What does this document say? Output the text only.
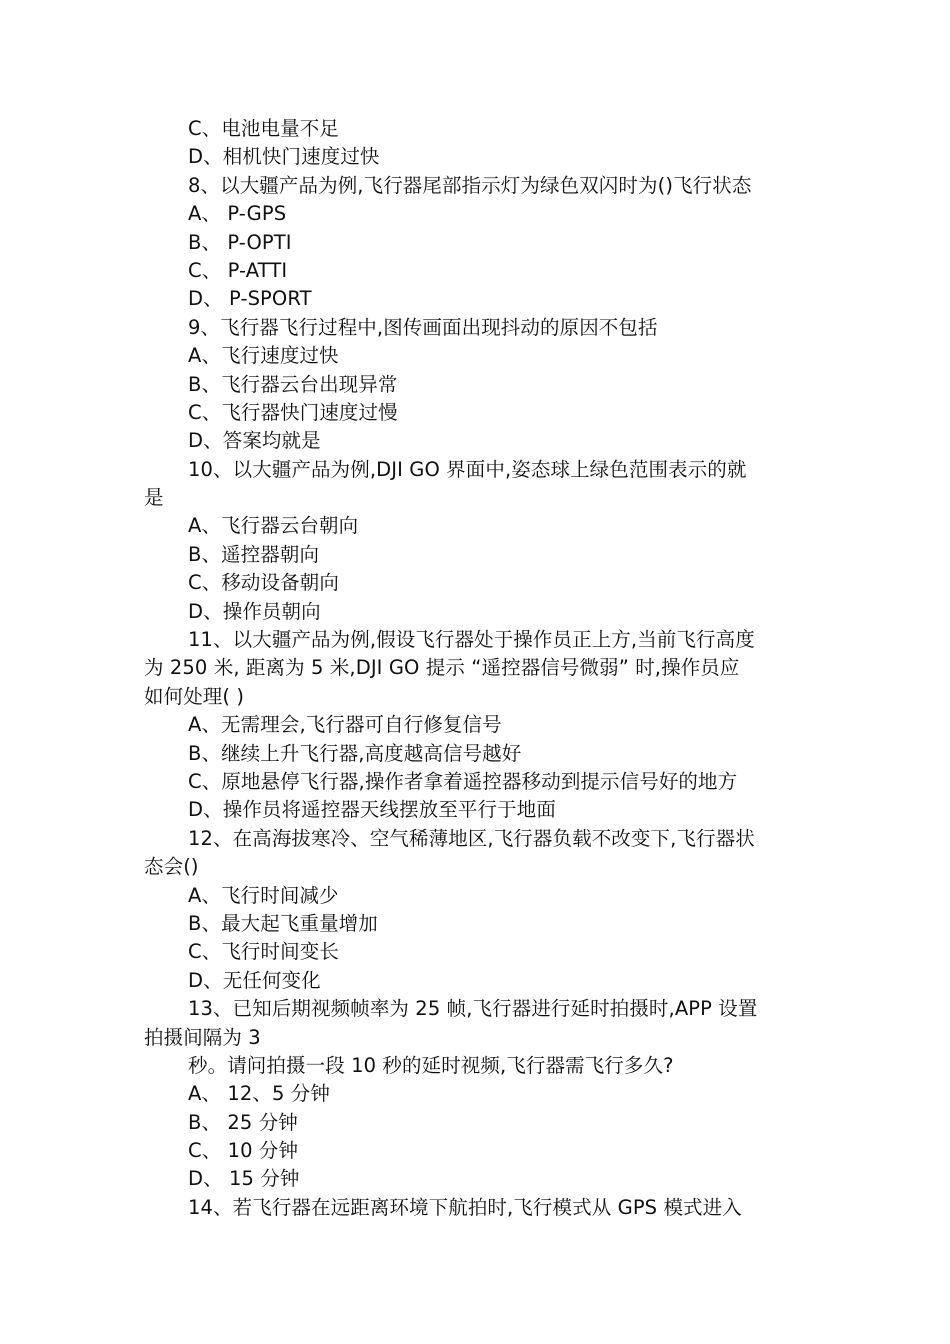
C、电池电量不足
D、相机快门速度过快
8、以大疆产品为例,飞行器尾部指示灯为绿色双闪时为()飞行状态
A、 P-GPS
B、 P-OPTI
C、 P-ATTI
D、 P-SPORT
9、飞行器飞行过程中,图传画面出现抖动的原因不包括
A、飞行速度过快
B、飞行器云台出现异常
C、飞行器快门速度过慢
D、答案均就是
10、以大疆产品为例,DJI GO 界面中,姿态球上绿色范围表示的就
是
A、飞行器云台朝向
B、遥控器朝向
C、移动设备朝向
D、操作员朝向
11、以大疆产品为例,假设飞行器处于操作员正上方,当前飞行高度
为 250 米, 距离为 5 米,DJI GO 提示 “遥控器信号微弱” 时,操作员应
如何处理( )
A、无需理会,飞行器可自行修复信号
B、继续上升飞行器,高度越高信号越好
C、原地悬停飞行器,操作者拿着遥控器移动到提示信号好的地方
D、操作员将遥控器天线摆放至平行于地面
12、在高海拔寒冷、空气稀薄地区,飞行器负载不改变下,飞行器状
态会()
A、飞行时间减少
B、最大起飞重量增加
C、飞行时间变长
D、无任何变化
13、已知后期视频帧率为 25 帧,飞行器进行延时拍摄时,APP 设置
拍摄间隔为 3
秒。请问拍摄一段 10 秒的延时视频,飞行器需飞行多久?
A、 12、5 分钟
B、 25 分钟
C、 10 分钟
D、 15 分钟
14、若飞行器在远距离环境下航拍时,飞行模式从 GPS 模式进入
